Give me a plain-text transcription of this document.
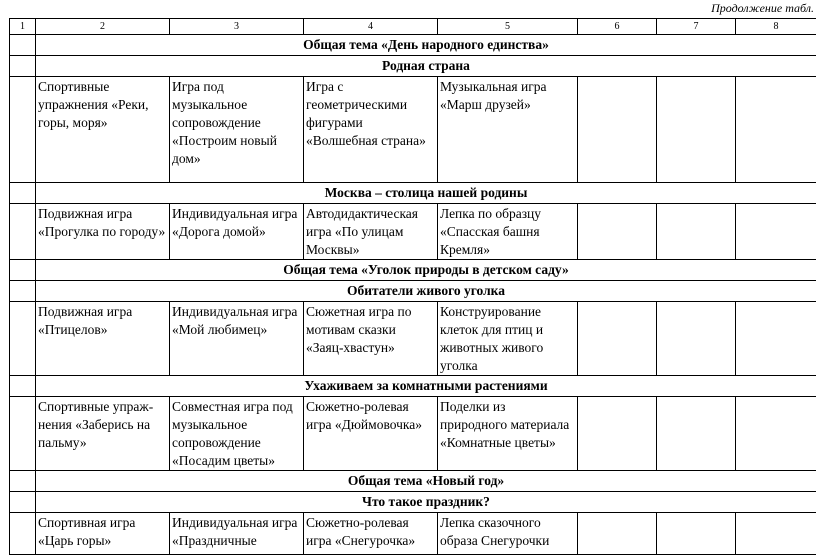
Продолжение табл.
1	2	3	4	5	6	7	8
	Общая тема «День народного единства»						
	Родная страна						
	Спортивные упражнения «Реки, горы, моря»	Игра под музыкальное сопровождение «Построим новый дом»	Игра с геометрическими фигурами «Волшебная страна»	Музыкальная игра «Марш друзей»			
	Москва – столица нашей родины						
	Подвижная игра «Прогулка по городу»	Индивидуальная игра «Дорога домой»	Автодидактическая игра «По улицам Москвы»	Лепка по образцу «Спасская башня Кремля»			
	Общая тема «Уголок природы в детском саду»						
	Обитатели живого уголка						
	Подвижная игра «Птицелов»	Индивидуальная игра «Мой любимец»	Сюжетная игра по мотивам сказки «Заяц-хвастун»	Конструирование клеток для птиц и животных живого уголка			
	Ухаживаем за комнатными растениями						
	Спортивные упраж- нения «Заберись на пальму»	Совместная игра под музыкальное сопровождение «Посадим цветы»	Сюжетно-ролевая игра «Дюймовочка»	Поделки из природного материала «Комнатные цветы»			
	Общая тема «Новый год»						
	Что такое праздник?						
	Спортивная игра «Царь горы»	Индивидуальная игра «Праздничные	Сюжетно-ролевая игра «Снегурочка»	Лепка сказочного образа Снегурочки			
